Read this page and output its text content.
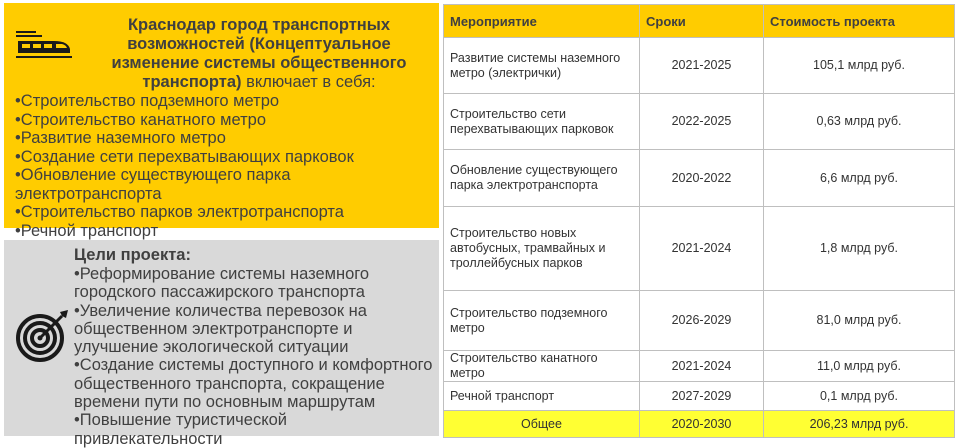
Краснодар город транспортных возможностей (Концептуальное изменение системы общественного транспорта) включает в себя:
•Строительство подземного метро
•Строительство канатного метро
•Развитие наземного метро
•Создание сети перехватывающих парковок
•Обновление существующего парка электротранспорта
•Строительство парков электротранспорта
•Речной транспорт
Цели проекта:
•Реформирование системы наземного городского пассажирского транспорта
•Увеличение количества перевозок на общественном электротранспорте и улучшение экологической ситуации
•Создание системы доступного и комфортного общественного транспорта, сокращение времени пути по основным маршрутам
•Повышение туристической привлекательности
Мероприятие	Сроки	Стоимость проекта
Развитие системы наземного метро (электрички)	2021-2025	105,1 млрд руб.
Строительство сети перехватывающих парковок	2022-2025	0,63 млрд руб.
Обновление существующего парка электротранспорта	2020-2022	6,6 млрд руб.
Строительство новых автобусных, трамвайных и троллейбусных парков	2021-2024	1,8 млрд руб.
Строительство подземного метро	2026-2029	81,0 млрд руб.
Строительство канатного метро	2021-2024	11,0 млрд руб.
Речной транспорт	2027-2029	0,1 млрд руб.
Общее	2020-2030	206,23 млрд руб.
